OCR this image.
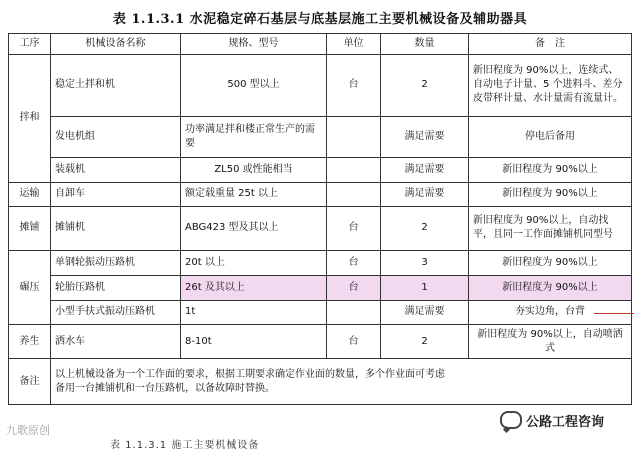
表 1.1.3.1 水泥稳定碎石基层与底基层施工主要机械设备及辅助器具
工序	机械设备名称	规格、型号	单位	数量	备　注
拌和	稳定土拌和机	500 型以上	台	2	新旧程度为 90%以上，连续式、自动电子计量、5 个进料斗、差分皮带秤计量、水计量需有流量计。
	发电机组	功率满足拌和楼正常生产的需要		满足需要	停电后备用
	装载机	ZL50 或性能相当		满足需要	新旧程度为 90%以上
运输	自卸车	额定载重量 25t 以上		满足需要	新旧程度为 90%以上
摊铺	摊铺机	ABG423 型及其以上	台	2	新旧程度为 90%以上，自动找平，且同一工作面摊铺机同型号
碾压	单钢轮振动压路机	20t 以上	台	3	新旧程度为 90%以上
	轮胎压路机	26t 及其以上	台	1	新旧程度为 90%以上
	小型手扶式振动压路机	1t		满足需要	夯实边角，台背
养生	洒水车	8-10t	台	2	新旧程度为 90%以上，自动喷洒式
备注	以上机械设备为一个工作面的要求，根据工期要求确定作业面的数量，多个作业面可考虑
备用一台摊铺机和一台压路机，以备故障时替换。				
九歌原创
公路工程咨询
表 1.1.3.1 施工主要机械设备
